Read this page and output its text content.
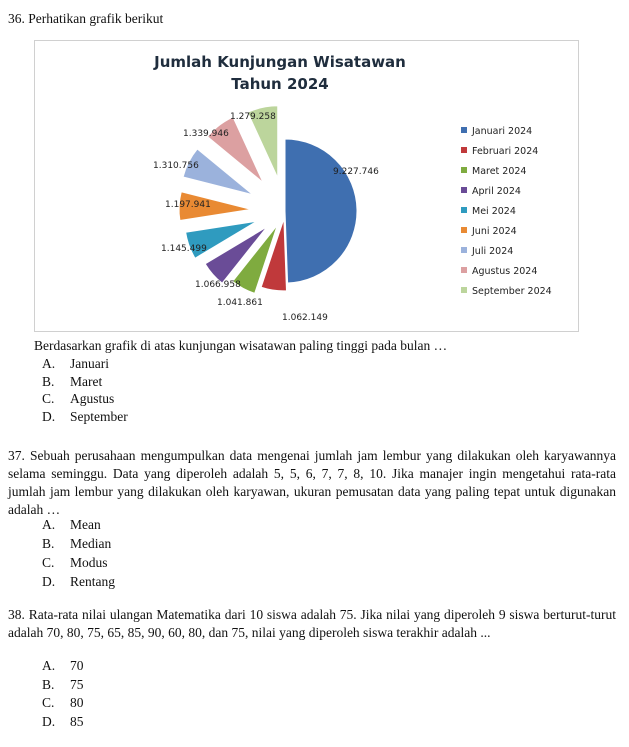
36. Perhatikan grafik berikut
Jumlah Kunjungan Wisatawan
Tahun 2024
9.227.746
1.062.149
1.041.861
1.066.958
1.145.499
1.197.941
1.310.756
1.339.946
1.279.258
Januari 2024
Februari 2024
Maret 2024
April 2024
Mei 2024
Juni 2024
Juli 2024
Agustus 2024
September 2024
Berdasarkan grafik di atas kunjungan wisatawan paling tinggi pada bulan …
A. Januari
B. Maret
C. Agustus
D. September
37. Sebuah perusahaan mengumpulkan data mengenai jumlah jam lembur yang dilakukan oleh karyawannya selama seminggu. Data yang diperoleh adalah 5, 5, 6, 7, 7, 8, 10. Jika manajer ingin mengetahui rata-rata jumlah jam lembur yang dilakukan oleh karyawan, ukuran pemusatan data yang paling tepat untuk digunakan adalah …
A. Mean
B. Median
C. Modus
D. Rentang
38. Rata-rata nilai ulangan Matematika dari 10 siswa adalah 75. Jika nilai yang diperoleh 9 siswa berturut-turut adalah 70, 80, 75, 65, 85, 90, 60, 80, dan 75, nilai yang diperoleh siswa terakhir adalah ...
A. 70
B. 75
C. 80
D. 85
